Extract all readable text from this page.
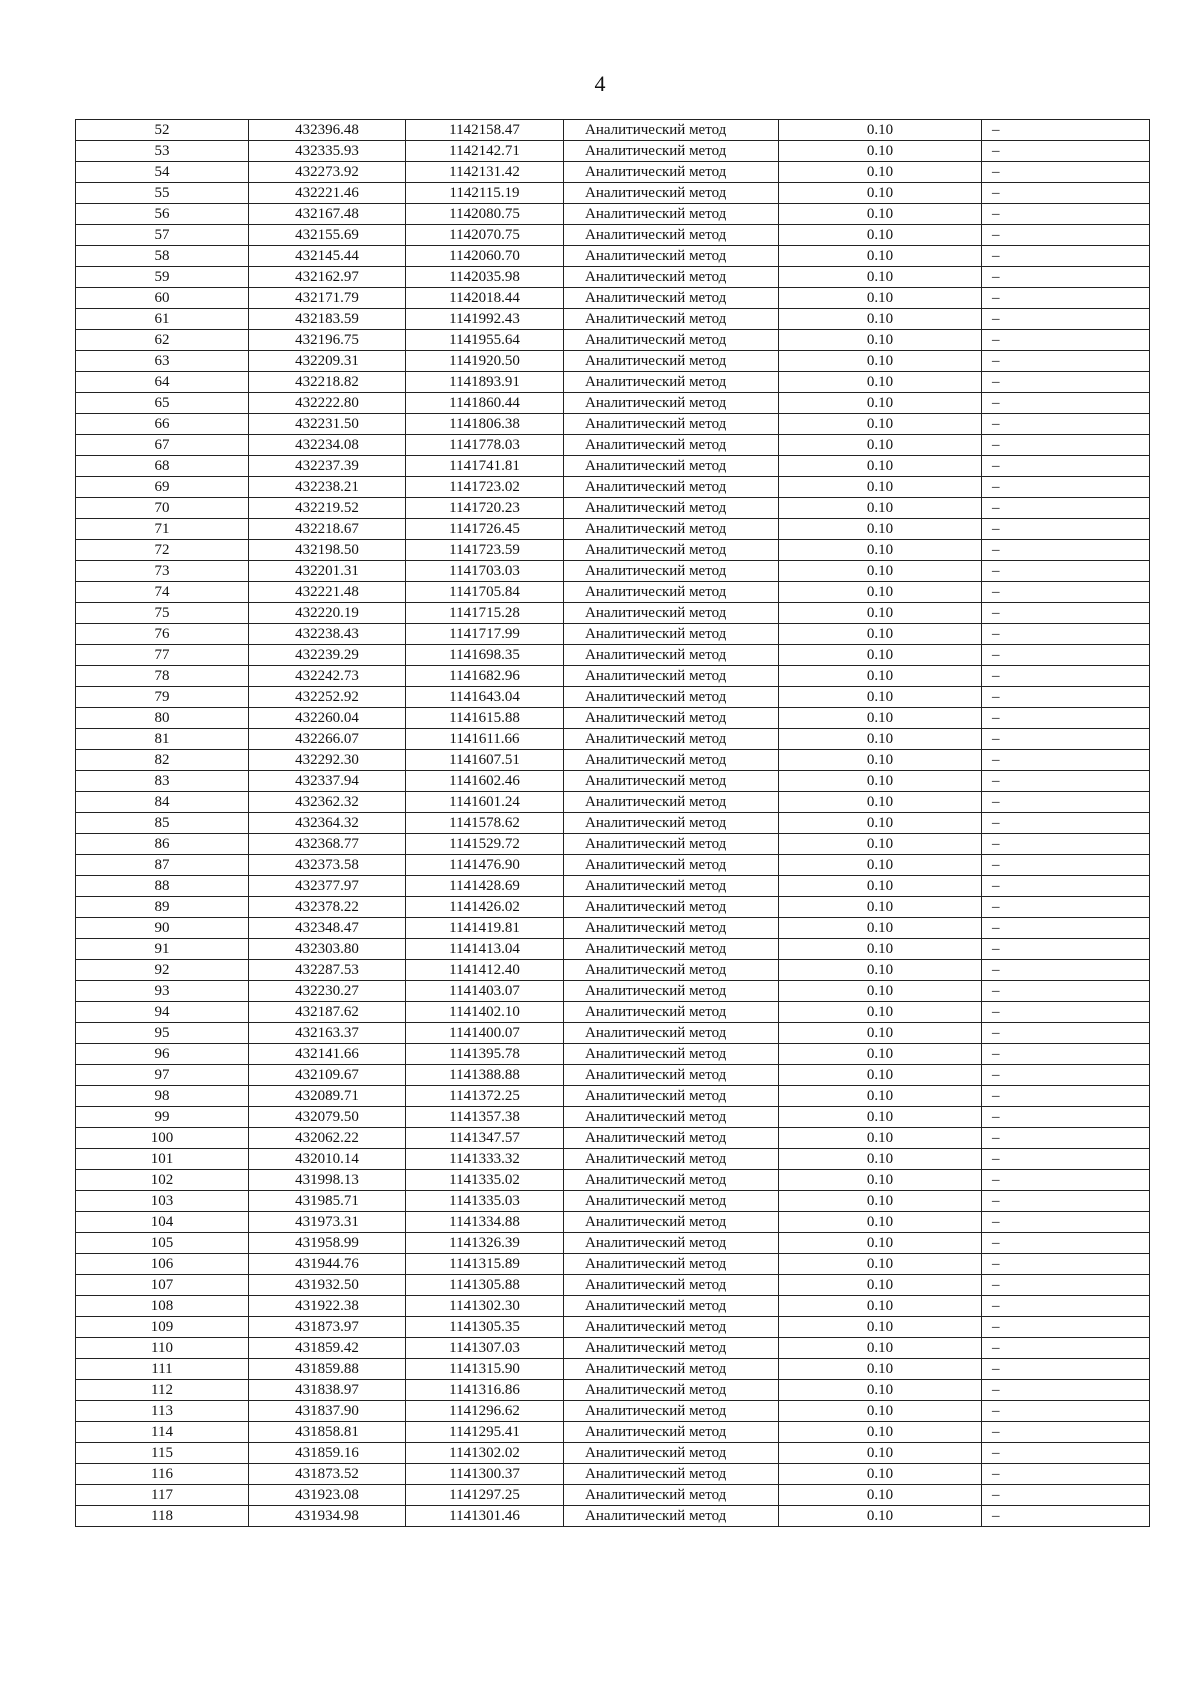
4
52	432396.48	1142158.47	Аналитический метод	0.10	–
53	432335.93	1142142.71	Аналитический метод	0.10	–
54	432273.92	1142131.42	Аналитический метод	0.10	–
55	432221.46	1142115.19	Аналитический метод	0.10	–
56	432167.48	1142080.75	Аналитический метод	0.10	–
57	432155.69	1142070.75	Аналитический метод	0.10	–
58	432145.44	1142060.70	Аналитический метод	0.10	–
59	432162.97	1142035.98	Аналитический метод	0.10	–
60	432171.79	1142018.44	Аналитический метод	0.10	–
61	432183.59	1141992.43	Аналитический метод	0.10	–
62	432196.75	1141955.64	Аналитический метод	0.10	–
63	432209.31	1141920.50	Аналитический метод	0.10	–
64	432218.82	1141893.91	Аналитический метод	0.10	–
65	432222.80	1141860.44	Аналитический метод	0.10	–
66	432231.50	1141806.38	Аналитический метод	0.10	–
67	432234.08	1141778.03	Аналитический метод	0.10	–
68	432237.39	1141741.81	Аналитический метод	0.10	–
69	432238.21	1141723.02	Аналитический метод	0.10	–
70	432219.52	1141720.23	Аналитический метод	0.10	–
71	432218.67	1141726.45	Аналитический метод	0.10	–
72	432198.50	1141723.59	Аналитический метод	0.10	–
73	432201.31	1141703.03	Аналитический метод	0.10	–
74	432221.48	1141705.84	Аналитический метод	0.10	–
75	432220.19	1141715.28	Аналитический метод	0.10	–
76	432238.43	1141717.99	Аналитический метод	0.10	–
77	432239.29	1141698.35	Аналитический метод	0.10	–
78	432242.73	1141682.96	Аналитический метод	0.10	–
79	432252.92	1141643.04	Аналитический метод	0.10	–
80	432260.04	1141615.88	Аналитический метод	0.10	–
81	432266.07	1141611.66	Аналитический метод	0.10	–
82	432292.30	1141607.51	Аналитический метод	0.10	–
83	432337.94	1141602.46	Аналитический метод	0.10	–
84	432362.32	1141601.24	Аналитический метод	0.10	–
85	432364.32	1141578.62	Аналитический метод	0.10	–
86	432368.77	1141529.72	Аналитический метод	0.10	–
87	432373.58	1141476.90	Аналитический метод	0.10	–
88	432377.97	1141428.69	Аналитический метод	0.10	–
89	432378.22	1141426.02	Аналитический метод	0.10	–
90	432348.47	1141419.81	Аналитический метод	0.10	–
91	432303.80	1141413.04	Аналитический метод	0.10	–
92	432287.53	1141412.40	Аналитический метод	0.10	–
93	432230.27	1141403.07	Аналитический метод	0.10	–
94	432187.62	1141402.10	Аналитический метод	0.10	–
95	432163.37	1141400.07	Аналитический метод	0.10	–
96	432141.66	1141395.78	Аналитический метод	0.10	–
97	432109.67	1141388.88	Аналитический метод	0.10	–
98	432089.71	1141372.25	Аналитический метод	0.10	–
99	432079.50	1141357.38	Аналитический метод	0.10	–
100	432062.22	1141347.57	Аналитический метод	0.10	–
101	432010.14	1141333.32	Аналитический метод	0.10	–
102	431998.13	1141335.02	Аналитический метод	0.10	–
103	431985.71	1141335.03	Аналитический метод	0.10	–
104	431973.31	1141334.88	Аналитический метод	0.10	–
105	431958.99	1141326.39	Аналитический метод	0.10	–
106	431944.76	1141315.89	Аналитический метод	0.10	–
107	431932.50	1141305.88	Аналитический метод	0.10	–
108	431922.38	1141302.30	Аналитический метод	0.10	–
109	431873.97	1141305.35	Аналитический метод	0.10	–
110	431859.42	1141307.03	Аналитический метод	0.10	–
111	431859.88	1141315.90	Аналитический метод	0.10	–
112	431838.97	1141316.86	Аналитический метод	0.10	–
113	431837.90	1141296.62	Аналитический метод	0.10	–
114	431858.81	1141295.41	Аналитический метод	0.10	–
115	431859.16	1141302.02	Аналитический метод	0.10	–
116	431873.52	1141300.37	Аналитический метод	0.10	–
117	431923.08	1141297.25	Аналитический метод	0.10	–
118	431934.98	1141301.46	Аналитический метод	0.10	–
